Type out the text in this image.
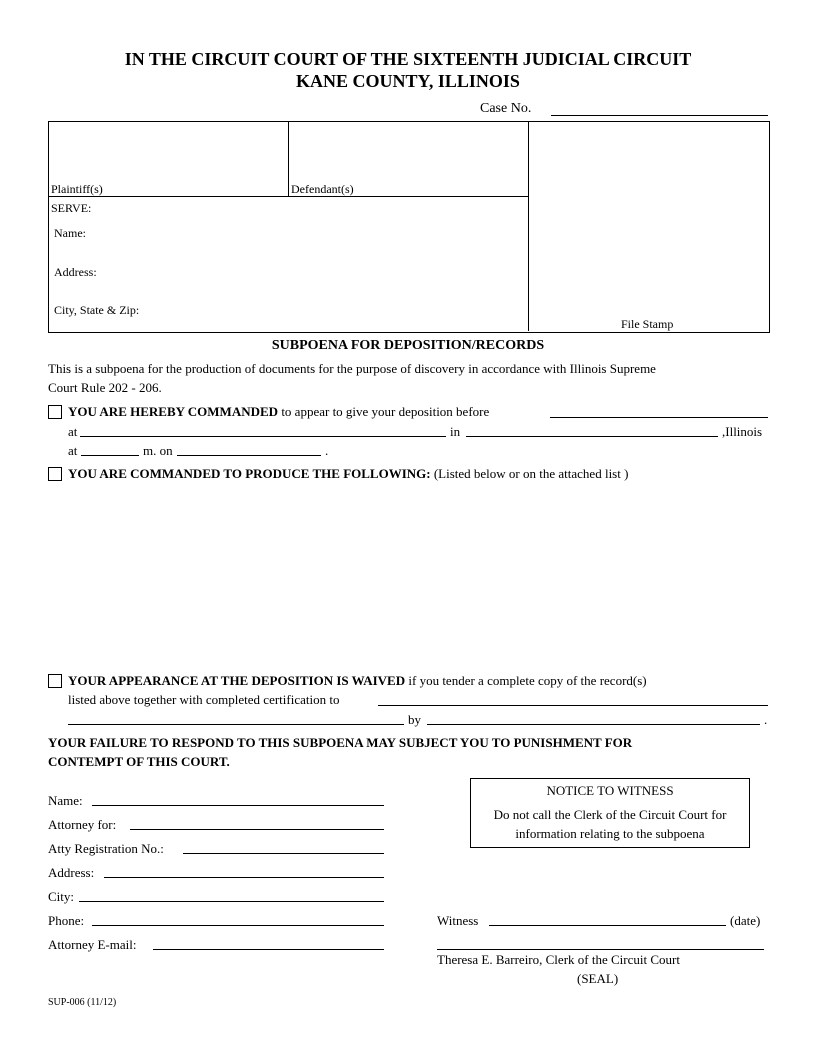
IN THE CIRCUIT COURT OF THE SIXTEENTH JUDICIAL CIRCUIT
KANE COUNTY, ILLINOIS
Case No.
Plaintiff(s)	Defendant(s)
SERVE:
Name:
Address:
City, State & Zip:
File Stamp
SUBPOENA FOR DEPOSITION/RECORDS
This is a subpoena for the production of documents for the purpose of discovery in accordance with Illinois Supreme
Court Rule 202 - 206.
YOU ARE HEREBY COMMANDED to appear to give your deposition before
at	in	,Illinois
at	m. on	.
YOU ARE COMMANDED TO PRODUCE THE FOLLOWING: (Listed below or on the attached list )
YOUR APPEARANCE AT THE DEPOSITION IS WAIVED if you tender a complete copy of the record(s)
listed above together with completed certification to
by	.
YOUR FAILURE TO RESPOND TO THIS SUBPOENA MAY SUBJECT YOU TO PUNISHMENT FOR
CONTEMPT OF THIS COURT.
Name:
Attorney for:
Atty Registration No.:
Address:
City:
Phone:
Attorney E-mail:
NOTICE TO WITNESS
Do not call the Clerk of the Circuit Court for
information relating to the subpoena
Witness	(date)
Theresa E. Barreiro, Clerk of the Circuit Court
(SEAL)
SUP-006 (11/12)
